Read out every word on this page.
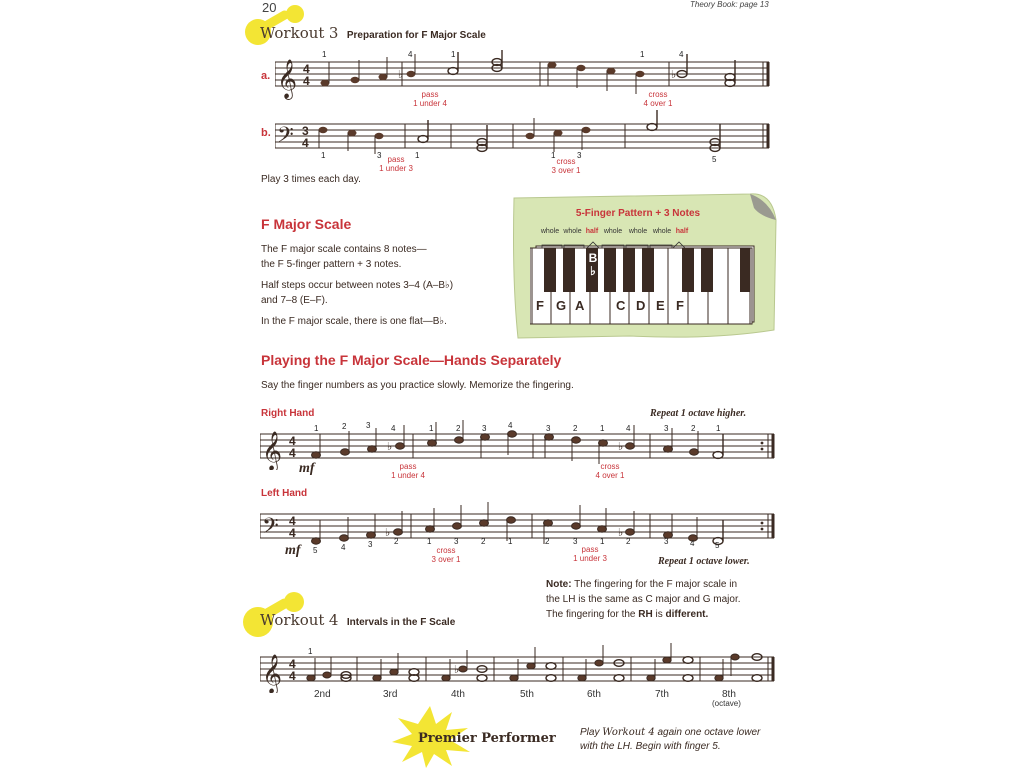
20	Theory Book: page 13
Workout 3 Preparation for F Major Scale
a. 𝄞 4
4	♭	♭
1	4	1	1	4
pass
1 under 4
cross
4 over 1
b. 𝄢 3
4
1	3	1	1	3	5
pass
1 under 3
cross
3 over 1
Play 3 times each day.
F Major Scale
The F major scale contains 8 notes—
the F 5-finger pattern + 3 notes.
Half steps occur between notes 3–4 (A–B♭)
and 7–8 (E–F).
In the F major scale, there is one flat—B♭.
5-Finger Pattern + 3 Notes
whole whole half whole whole whole half
B
♭
F G A C D E F
Playing the F Major Scale—Hands Separately
Say the finger numbers as you practice slowly. Memorize the fingering.
Right Hand	Repeat 1 octave higher.
𝄞 4
4	♭	♭
1	2 3	4	1	2	3	4	3	2	1	4	3	2	1
mf	pass
1 under 4
cross
4 over 1
Left Hand
𝄢 4
4	♭	♭
5	4	3	2	1	3	2	1	2	3	1	2	3	4	5
mf	cross
3 over 1
pass
1 under 3	Repeat 1 octave lower.
Note: The fingering for the F major scale in
the LH is the same as C major and G major.
The fingering for the RH is different.
Workout 4 Intervals in the F Scale
𝄞 4
4	♭
1
2nd	3rd	4th	5th	6th	7th	8th
(octave)
Premier Performer Play Workout 4 again one octave lower
with the LH. Begin with finger 5.
